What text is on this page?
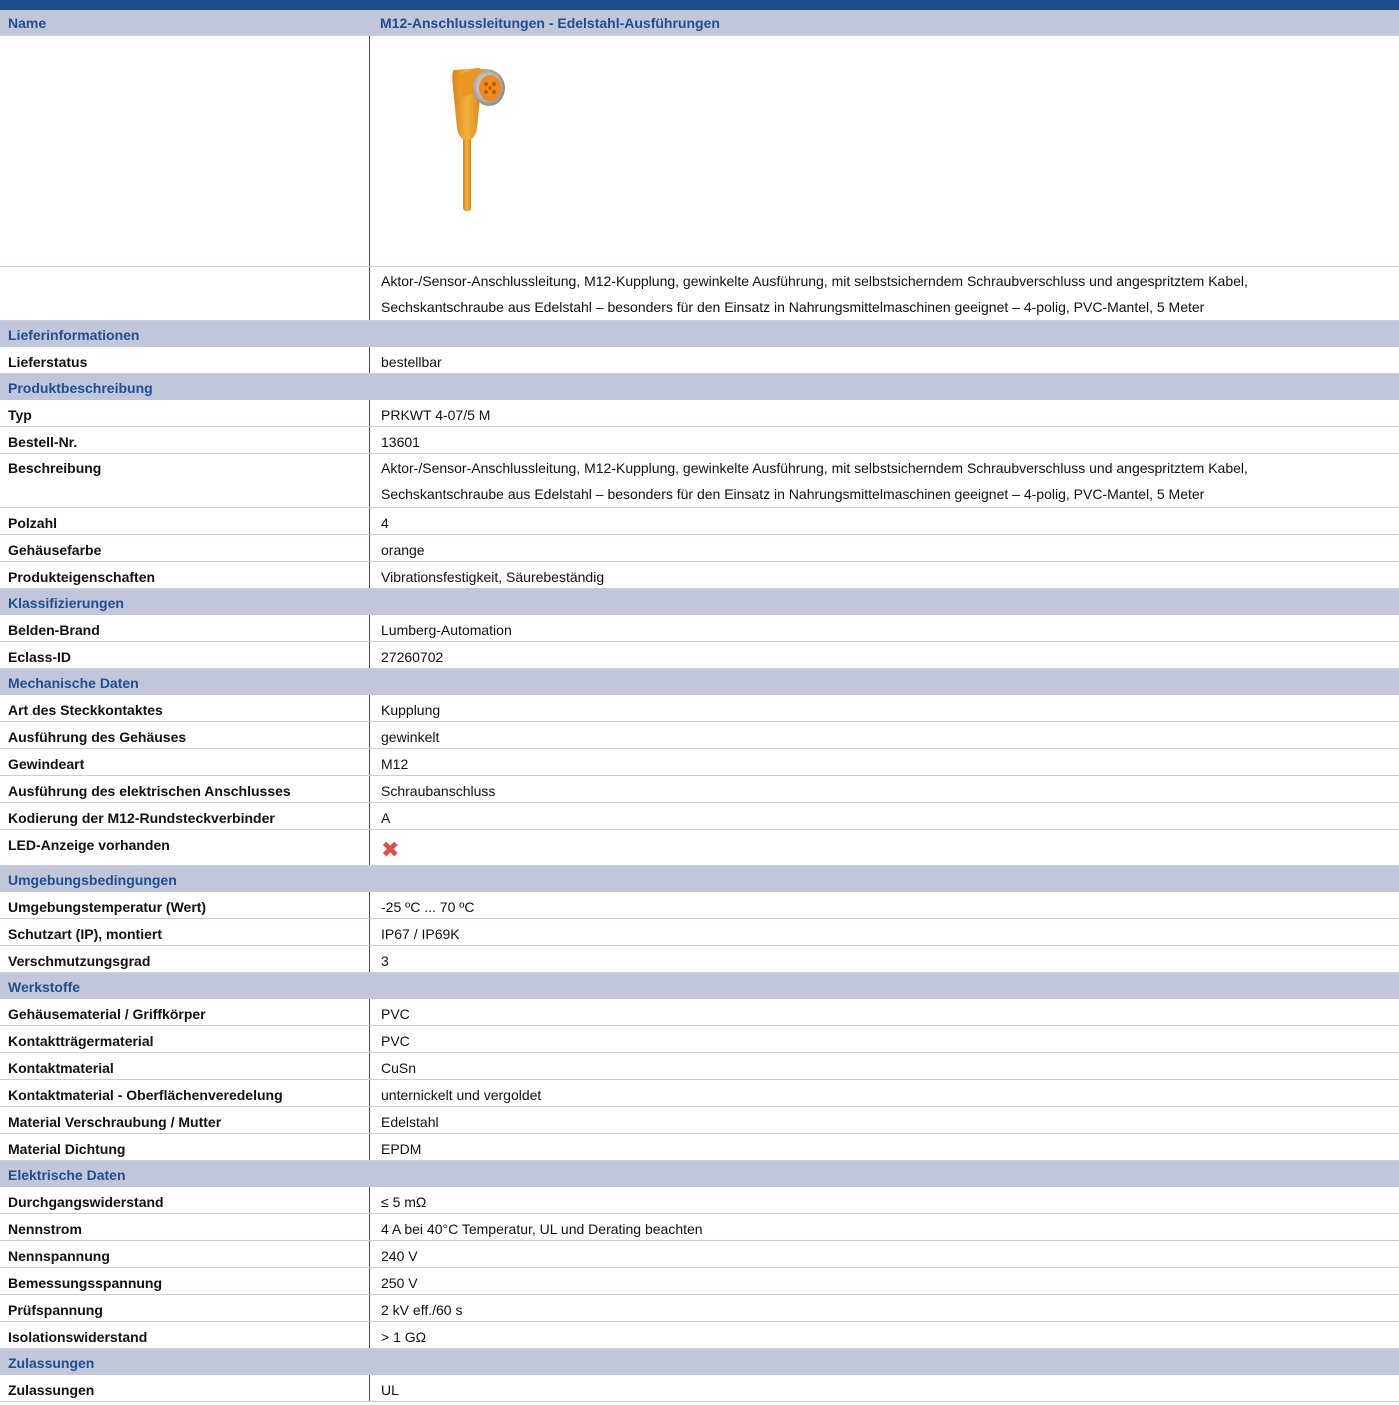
Name	M12-Anschlussleitungen - Edelstahl-Ausführungen
Aktor-/Sensor-Anschlussleitung, M12-Kupplung, gewinkelte Ausführung, mit selbstsicherndem Schraubverschluss und angespritztem Kabel,
Sechskantschraube aus Edelstahl – besonders für den Einsatz in Nahrungsmittelmaschinen geeignet – 4-polig, PVC-Mantel, 5 Meter
Lieferinformationen
Lieferstatus	bestellbar
Produktbeschreibung
Typ	PRKWT 4-07/5 M
Bestell-Nr.	13601
Beschreibung	Aktor-/Sensor-Anschlussleitung, M12-Kupplung, gewinkelte Ausführung, mit selbstsicherndem Schraubverschluss und angespritztem Kabel,
Sechskantschraube aus Edelstahl – besonders für den Einsatz in Nahrungsmittelmaschinen geeignet – 4-polig, PVC-Mantel, 5 Meter
Polzahl	4
Gehäusefarbe	orange
Produkteigenschaften	Vibrationsfestigkeit, Säurebeständig
Klassifizierungen
Belden-Brand	Lumberg-Automation
Eclass-ID	27260702
Mechanische Daten
Art des Steckkontaktes	Kupplung
Ausführung des Gehäuses	gewinkelt
Gewindeart	M12
Ausführung des elektrischen Anschlusses	Schraubanschluss
Kodierung der M12-Rundsteckverbinder	A
LED-Anzeige vorhanden	✖
Umgebungsbedingungen
Umgebungstemperatur (Wert)	-25 ºC ... 70 ºC
Schutzart (IP), montiert	IP67 / IP69K
Verschmutzungsgrad	3
Werkstoffe
Gehäusematerial / Griffkörper	PVC
Kontaktträgermaterial	PVC
Kontaktmaterial	CuSn
Kontaktmaterial - Oberflächenveredelung	unternickelt und vergoldet
Material Verschraubung / Mutter	Edelstahl
Material Dichtung	EPDM
Elektrische Daten
Durchgangswiderstand	≤ 5 mΩ
Nennstrom	4 A bei 40°C Temperatur, UL und Derating beachten
Nennspannung	240 V
Bemessungsspannung	250 V
Prüfspannung	2 kV eff./60 s
Isolationswiderstand	> 1 GΩ
Zulassungen
Zulassungen	UL
